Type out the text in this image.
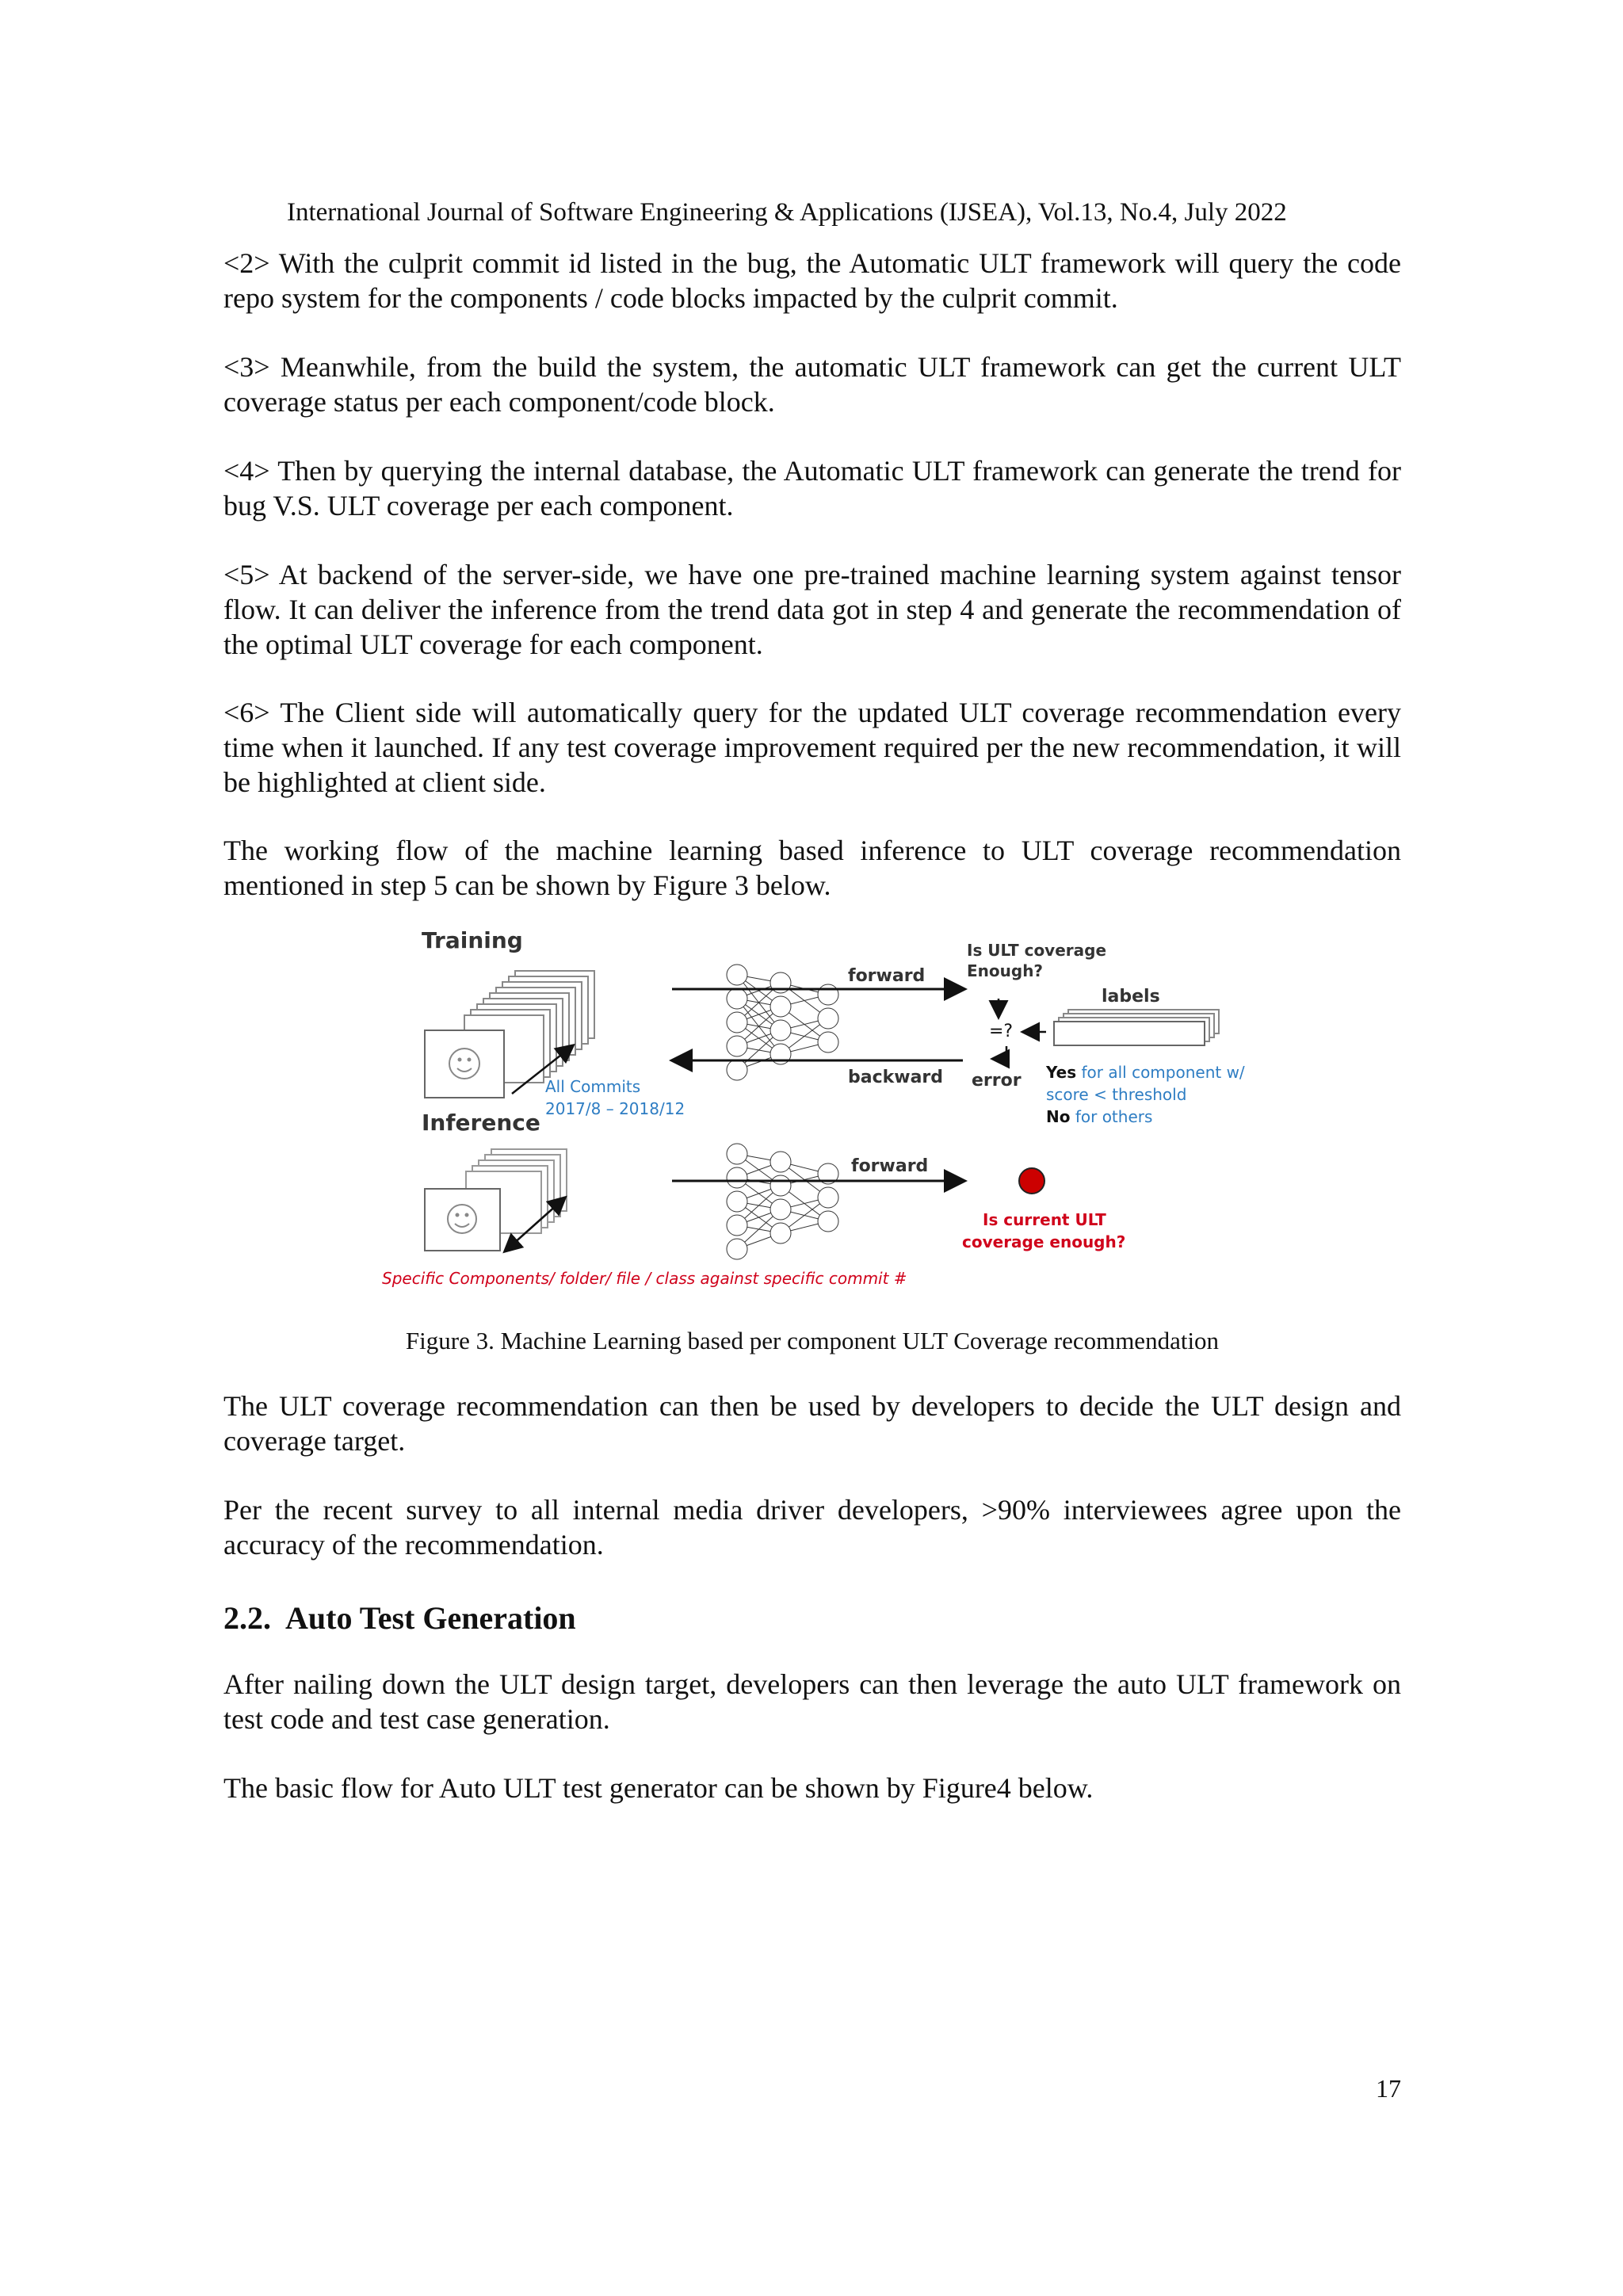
International Journal of Software Engineering & Applications (IJSEA), Vol.13, No.4, July 2022

<2> With the culprit commit id listed in the bug, the Automatic ULT framework will query the code repo system for the components / code blocks impacted by the culprit commit.

<3> Meanwhile, from the build the system, the automatic ULT framework can get the current ULT coverage status per each component/code block.

<4> Then by querying the internal database, the Automatic ULT framework can generate the trend for bug V.S. ULT coverage per each component.

<5> At backend of the server-side, we have one pre-trained machine learning system against tensor flow. It can deliver the inference from the trend data got in step 4 and generate the recommendation of the optimal ULT coverage for each component.

<6> The Client side will automatically query for the updated ULT coverage recommendation every time when it launched. If any test coverage improvement required per the new recommendation, it will be highlighted at client side.

The working flow of the machine learning based inference to ULT coverage recommendation mentioned in step 5 can be shown by Figure 3 below.

Training
All Commits
2017/8 – 2018/12
Inference
Specific Components/ folder/ file / class against specific commit #
forward
backward
Is ULT coverage
Enough?
=?
error
labels
Yes for all component w/
score < threshold
No for others
forward
Is current ULT
coverage enough?
Figure 3. Machine Learning based per component ULT Coverage recommendation

The ULT coverage recommendation can then be used by developers to decide the ULT design and coverage target.

Per the recent survey to all internal media driver developers, >90% interviewees agree upon the accuracy of the recommendation.

2.2. Auto Test Generation

After nailing down the ULT design target, developers can then leverage the auto ULT framework on test code and test case generation.

The basic flow for Auto ULT test generator can be shown by Figure4 below.

17
